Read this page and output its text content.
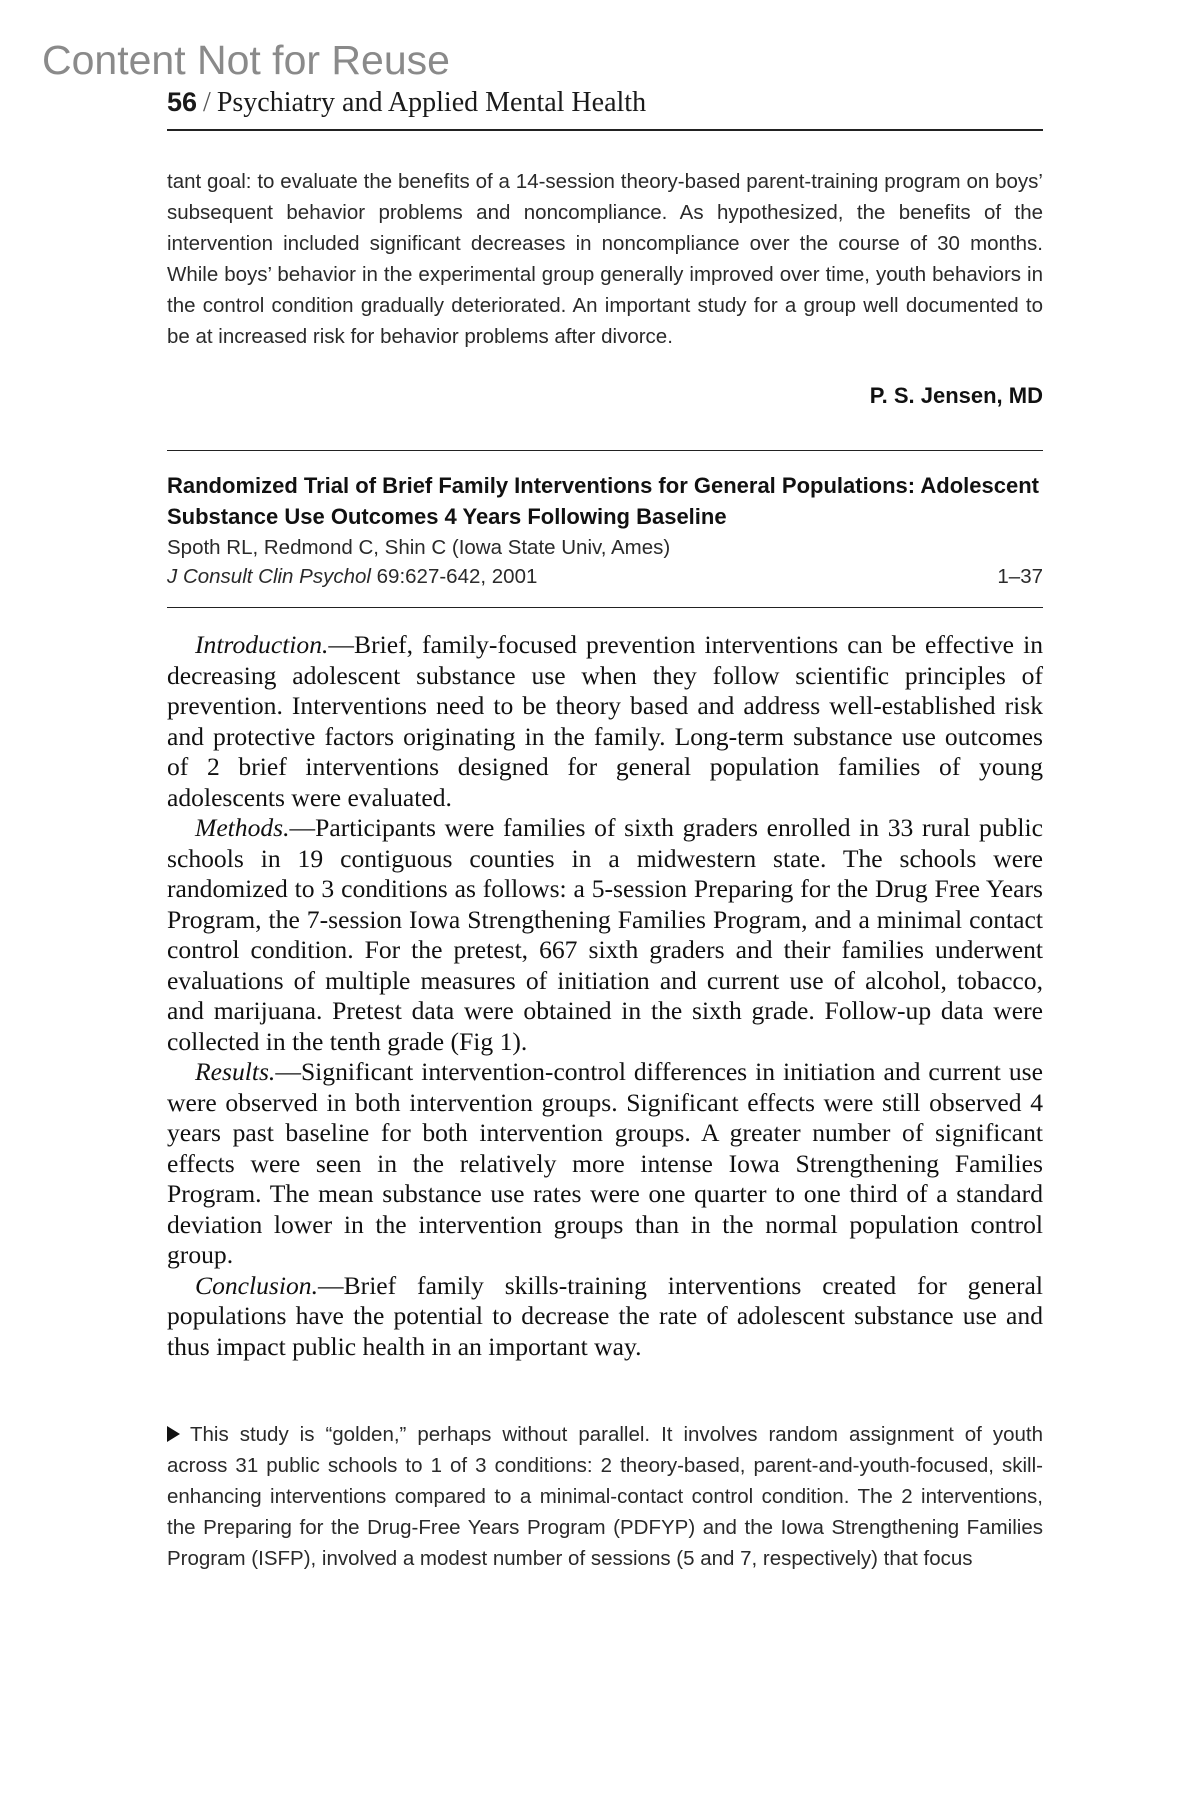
Content Not for Reuse
56 / Psychiatry and Applied Mental Health

tant goal: to evaluate the benefits of a 14-session theory-based parent-training program on boys’ subsequent behavior problems and noncompliance. As hypothesized, the benefits of the intervention included significant decreases in noncompliance over the course of 30 months. While boys’ behavior in the experimental group generally improved over time, youth behaviors in the control condition gradually deteriorated. An important study for a group well documented to be at increased risk for behavior problems after divorce.

P. S. Jensen, MD
Randomized Trial of Brief Family Interventions for General Populations: Adolescent Substance Use Outcomes 4 Years Following Baseline
Spoth RL, Redmond C, Shin C (Iowa State Univ, Ames)
J Consult Clin Psychol 69:627-642, 2001	1–37

Introduction.—Brief, family-focused prevention interventions can be effective in decreasing adolescent substance use when they follow scientific principles of prevention. Interventions need to be theory based and address well-established risk and protective factors originating in the family. Long-term substance use outcomes of 2 brief interventions designed for general population families of young adolescents were evaluated.

Methods.—Participants were families of sixth graders enrolled in 33 rural public schools in 19 contiguous counties in a midwestern state. The schools were randomized to 3 conditions as follows: a 5-session Preparing for the Drug Free Years Program, the 7-session Iowa Strengthening Families Program, and a minimal contact control condition. For the pretest, 667 sixth graders and their families underwent evaluations of multiple measures of initiation and current use of alcohol, tobacco, and marijuana. Pretest data were obtained in the sixth grade. Follow-up data were collected in the tenth grade (Fig 1).

Results.—Significant intervention-control differences in initiation and current use were observed in both intervention groups. Significant effects were still observed 4 years past baseline for both intervention groups. A greater number of significant effects were seen in the relatively more intense Iowa Strengthening Families Program. The mean substance use rates were one quarter to one third of a standard deviation lower in the intervention groups than in the normal population control group.

Conclusion.—Brief family skills-training interventions created for general populations have the potential to decrease the rate of adolescent substance use and thus impact public health in an important way.

This study is “golden,” perhaps without parallel. It involves random assignment of youth across 31 public schools to 1 of 3 conditions: 2 theory-based, parent-and-youth-focused, skill-enhancing interventions compared to a minimal-contact control condition. The 2 interventions, the Preparing for the Drug-Free Years Program (PDFYP) and the Iowa Strengthening Families Program (ISFP), involved a modest number of sessions (5 and 7, respectively) that focus
